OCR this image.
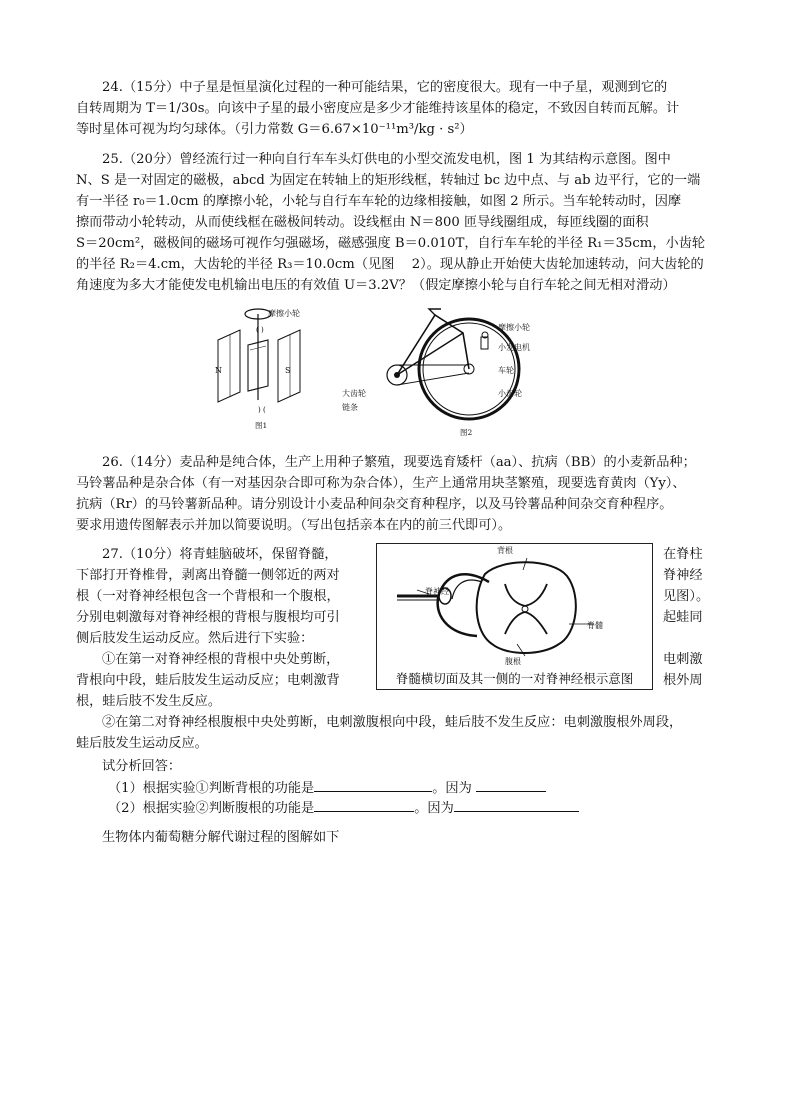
24.（15分）中子星是恒星演化过程的一种可能结果，它的密度很大。现有一中子星，观测到它的
自转周期为 T＝1/30s。向该中子星的最小密度应是多少才能维持该星体的稳定，不致因自转而瓦解。计
等时星体可视为均匀球体。（引力常数 G＝6.67×10⁻¹¹m³/kg · s²）
25.（20分）曾经流行过一种向自行车车头灯供电的小型交流发电机，图 1 为其结构示意图。图中
N、S 是一对固定的磁极，abcd 为固定在转轴上的矩形线框，转轴过 bc 边中点、与 ab 边平行，它的一端
有一半径 r₀＝1.0cm 的摩擦小轮，小轮与自行车车轮的边缘相接触，如图 2 所示。当车轮转动时，因摩
擦而带动小轮转动，从而使线框在磁极间转动。设线框由 N＝800 匝导线圈组成，每匝线圈的面积
S＝20cm²，磁极间的磁场可视作匀强磁场，磁感强度 B＝0.010T，自行车车轮的半径 R₁＝35cm，小齿轮
的半径 R₂＝4.cm，大齿轮的半径 R₃＝10.0cm（见图　 2）。现从静止开始使大齿轮加速转动，问大齿轮的
角速度为多大才能使发电机输出电压的有效值 U＝3.2V？（假定摩擦小轮与自行车轮之间无相对滑动）
( )
) (
摩擦小轮
N	S
图1
摩擦小轮
小发电机
车轮
小齿轮
大齿轮
链条
图2
26.（14分）麦品种是纯合体，生产上用种子繁殖，现要选育矮杆（aa）、抗病（BB）的小麦新品种；
马铃薯品种是杂合体（有一对基因杂合即可称为杂合体），生产上通常用块茎繁殖，现要选育黄肉（Yy）、
抗病（Rr）的马铃薯新品种。请分别设计小麦品种间杂交育种程序，以及马铃薯品种间杂交育种程序。
要求用遗传图解表示并加以简要说明。（写出包括亲本在内的前三代即可）。
27.（10分）将青蛙脑破坏，保留脊髓，
下部打开脊椎骨，剥离出脊髓一侧邻近的两对
根（一对脊神经根包含一个背根和一个腹根，
分别电刺激每对脊神经根的背根与腹根均可引
侧后肢发生运动反应。然后进行下实验：
①在第一对脊神经根的背根中央处剪断，
背根向中段，蛙后肢发生运动反应；电刺激背
根，蛙后肢不发生反应。
在脊柱
脊神经
见图）。
起蛙同
电刺激
根外周
背根
脊神经
脊髓
腹根
脊髓横切面及其一侧的一对脊神经根示意图
②在第二对脊神经根腹根中央处剪断，电刺激腹根向中段，蛙后肢不发生反应：电刺激腹根外周段，
蛙后肢发生运动反应。
试分析回答：
（1）根据实验①判断背根的功能是	。因为
（2）根据实验②判断腹根的功能是	。因为
生物体内葡萄糖分解代谢过程的图解如下
